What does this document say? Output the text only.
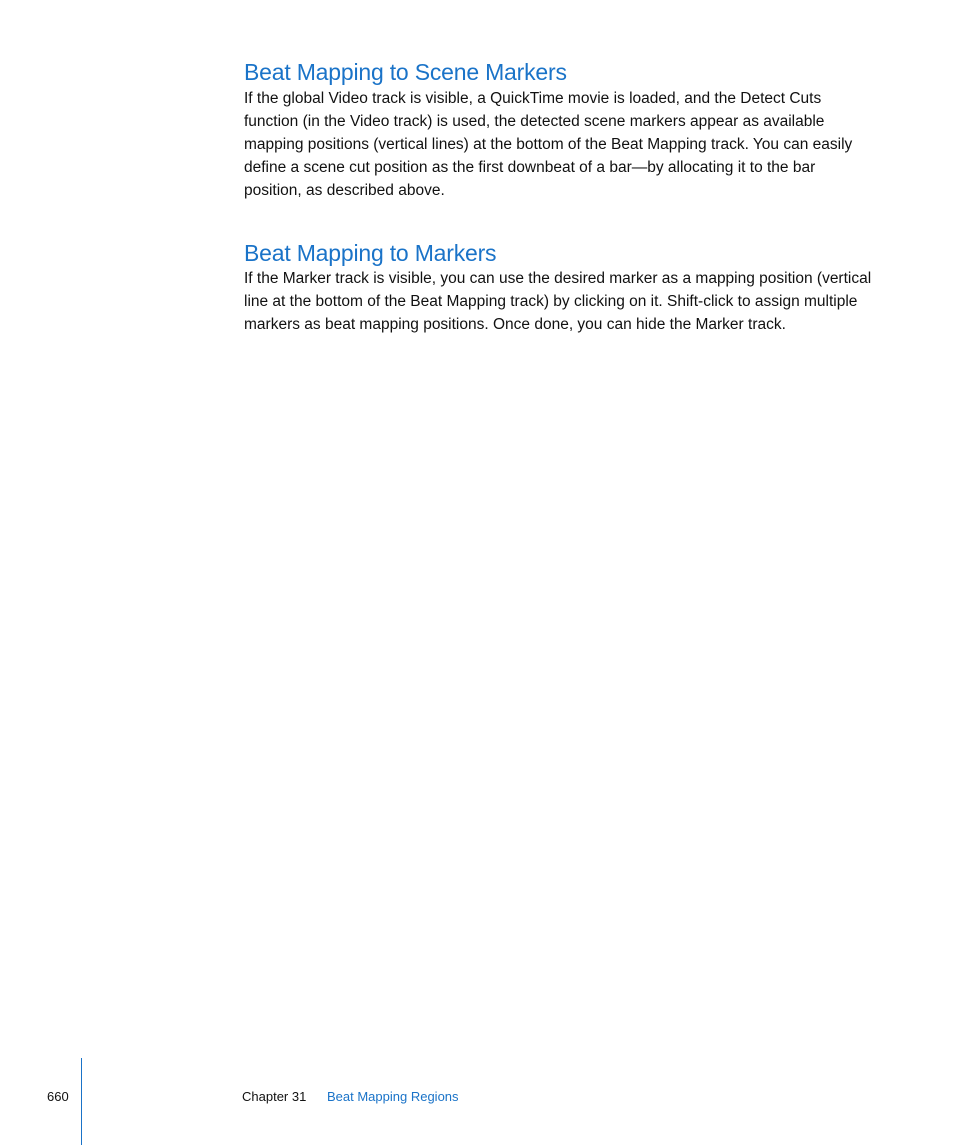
Beat Mapping to Scene Markers

If the global Video track is visible, a QuickTime movie is loaded, and the Detect Cuts function (in the Video track) is used, the detected scene markers appear as available mapping positions (vertical lines) at the bottom of the Beat Mapping track. You can easily define a scene cut position as the first downbeat of a bar—by allocating it to the bar position, as described above.

Beat Mapping to Markers

If the Marker track is visible, you can use the desired marker as a mapping position (vertical line at the bottom of the Beat Mapping track) by clicking on it. Shift-click to assign multiple markers as beat mapping positions. Once done, you can hide the Marker track.

660	Chapter 31 Beat Mapping Regions
